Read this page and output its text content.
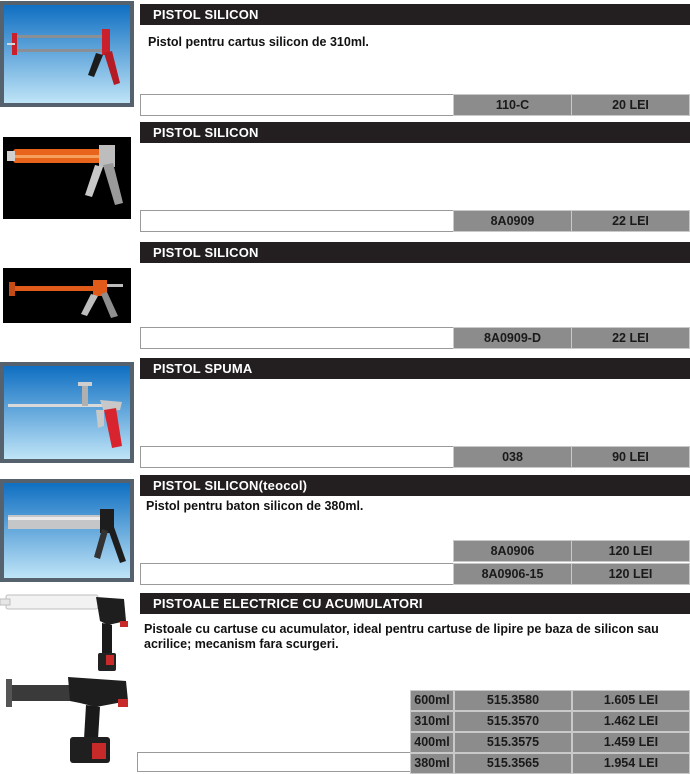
PISTOL SILICON
Pistol pentru cartus silicon de 310ml.
110-C	20 LEI
PISTOL SILICON
8A0909	22 LEI
PISTOL SILICON
8A0909-D	22 LEI
PISTOL SPUMA
038	90 LEI
PISTOL SILICON(teocol)
Pistol pentru baton silicon de 380ml.
8A0906	120 LEI
8A0906-15	120 LEI
PISTOALE ELECTRICE CU ACUMULATORI
Pistoale cu cartuse cu acumulator, ideal pentru cartuse de lipire pe baza de silicon sau acrilice; mecanism fara scurgeri.
600ml	515.3580	1.605 LEI
310ml	515.3570	1.462 LEI
400ml	515.3575	1.459 LEI
380ml	515.3565	1.954 LEI
